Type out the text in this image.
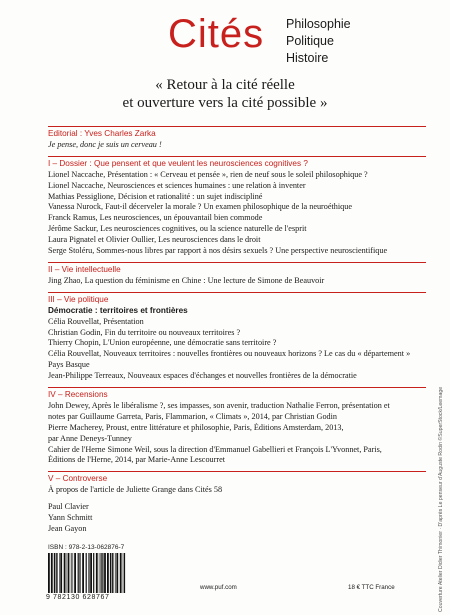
Cités Philosophie
Politique
Histoire
« Retour à la cité réelle
et ouverture vers la cité possible »
Editorial : Yves Charles Zarka
Je pense, donc je suis un cerveau !
I – Dossier : Que pensent et que veulent les neurosciences cognitives ?
Lionel Naccache, Présentation : « Cerveau et pensée », rien de neuf sous le soleil philosophique ?
Lionel Naccache, Neurosciences et sciences humaines : une relation à inventer
Mathias Pessiglione, Décision et rationalité : un sujet indiscipliné
Vanessa Nurock, Faut-il décerveler la morale ? Un examen philosophique de la neuroéthique
Franck Ramus, Les neurosciences, un épouvantail bien commode
Jérôme Sackur, Les neurosciences cognitives, ou la science naturelle de l'esprit
Laura Pignatel et Olivier Oullier, Les neurosciences dans le droit
Serge Stoléru, Sommes-nous libres par rapport à nos désirs sexuels ? Une perspective neuroscientifique
II – Vie intellectuelle
Jing Zhao, La question du féminisme en Chine : Une lecture de Simone de Beauvoir
III – Vie politique
Démocratie : territoires et frontières
Célia Rouvellat, Présentation
Christian Godin, Fin du territoire ou nouveaux territoires ?
Thierry Chopin, L'Union européenne, une démocratie sans territoire ?
Célia Rouvellat, Nouveaux territoires : nouvelles frontières ou nouveaux horizons ? Le cas du « département »
Pays Basque
Jean-Philippe Terreaux, Nouveaux espaces d'échanges et nouvelles frontières de la démocratie
IV – Recensions
John Dewey, Après le libéralisme ?, ses impasses, son avenir, traduction Nathalie Ferron, présentation et
notes par Guillaume Garreta, Paris, Flammarion, « Climats », 2014, par Christian Godin
Pierre Macherey, Proust, entre littérature et philosophie, Paris, Éditions Amsterdam, 2013,
par Anne Deneys-Tunney
Cahier de l'Herne Simone Weil, sous la direction d'Emmanuel Gabellieri et François L'Yvonnet, Paris,
Éditions de l'Herne, 2014, par Marie-Anne Lescourret
V – Controverse
À propos de l'article de Juliette Grange dans Cités 58
Paul Clavier
Yann Schmitt
Jean Gayon
ISBN : 978-2-13-062876-7
9 782130 628767
www.puf.com	18 € TTC France	Couverture Atelier Didier Thimonier · D'après Le penseur d'Auguste Rodin ©SuperStock/Leemage
